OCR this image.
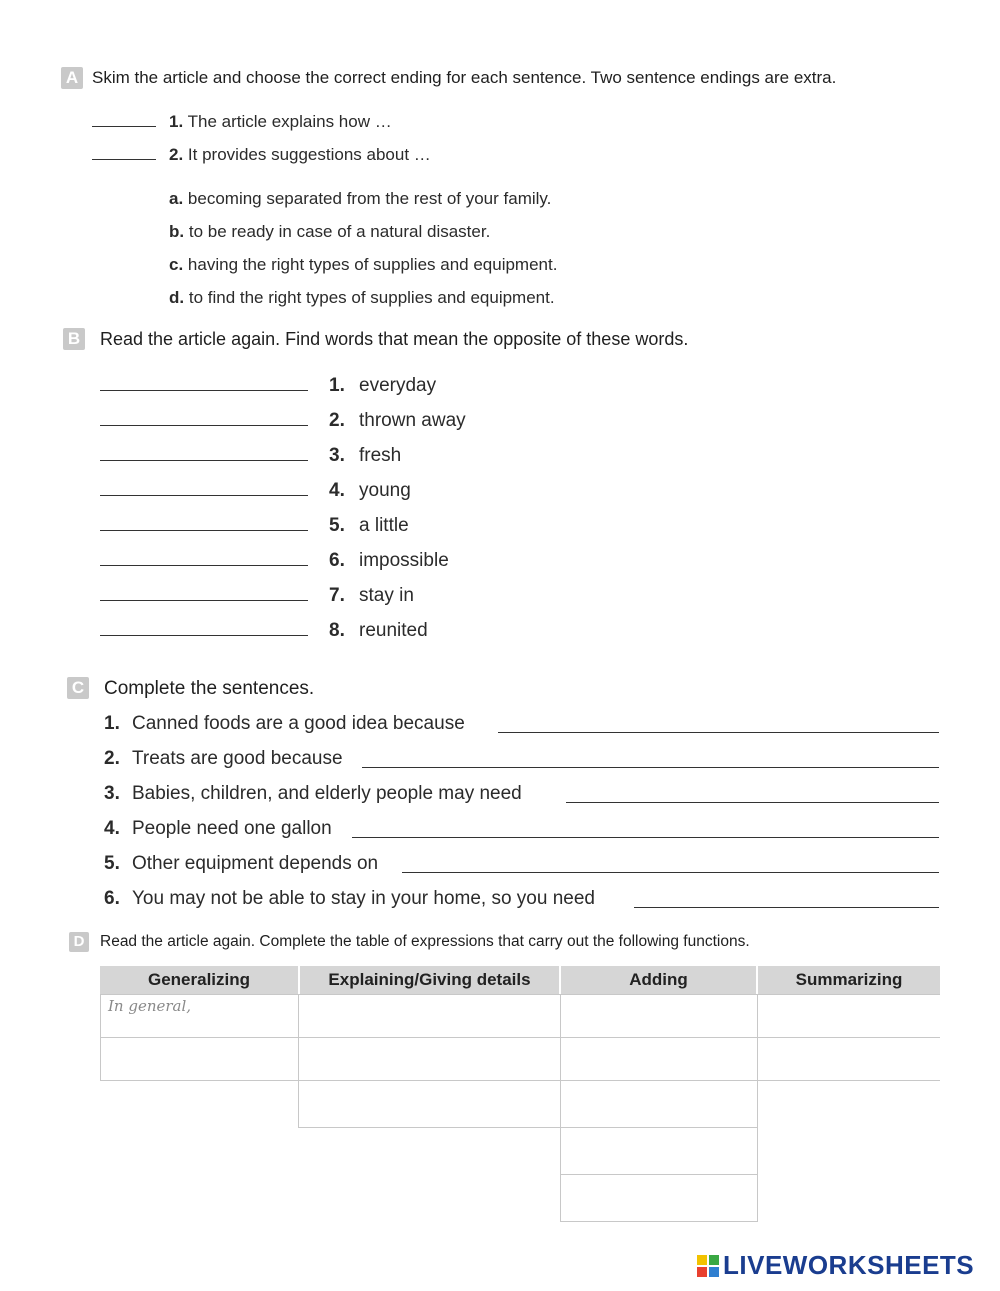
A Skim the article and choose the correct ending for each sentence. Two sentence endings are extra.
1. The article explains how …
2. It provides suggestions about …
a. becoming separated from the rest of your family.
b. to be ready in case of a natural disaster.
c. having the right types of supplies and equipment.
d. to find the right types of supplies and equipment.
B Read the article again. Find words that mean the opposite of these words.
1. everyday
2. thrown away
3. fresh
4. young
5. a little
6. impossible
7. stay in
8. reunited
C Complete the sentences.
1. Canned foods are a good idea because
2. Treats are good because
3. Babies, children, and elderly people may need
4. People need one gallon
5. Other equipment depends on
6. You may not be able to stay in your home, so you need
D Read the article again. Complete the table of expressions that carry out the following functions.
Generalizing	Explaining/Giving details	Adding	Summarizing
In general,
LIVEWORKSHEETS
